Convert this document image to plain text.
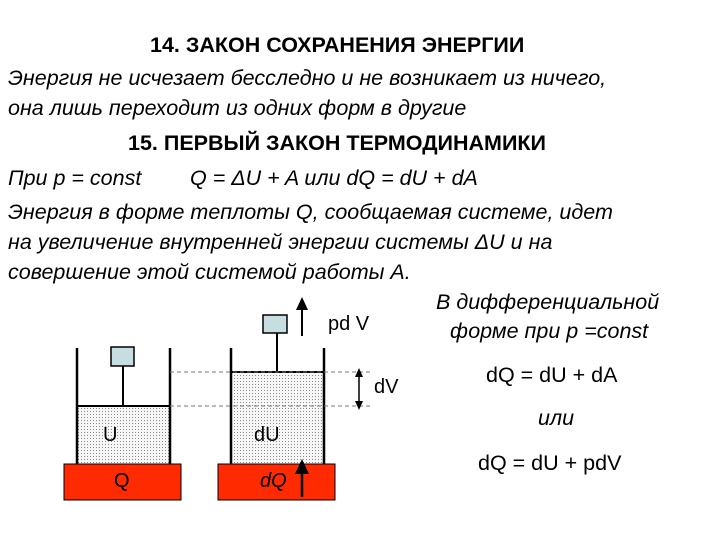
14. ЗАКОН СОХРАНЕНИЯ ЭНЕРГИИ
Энергия не исчезает бесследно и не возникает из ничего,
она лишь переходит из одних форм в другие
15. ПЕРВЫЙ ЗАКОН ТЕРМОДИНАМИКИ
При p = const Q = ΔU + A или dQ = dU + dA
Энергия в форме теплоты Q, сообщаемая системе, идет
на увеличение внутренней энергии системы ΔU и на
совершение этой системой работы А.
В дифференциальной
форме при p =const
dQ = dU + dA
или
dQ = dU + pdV
pd V
dV
U
Q
dU
dQ
